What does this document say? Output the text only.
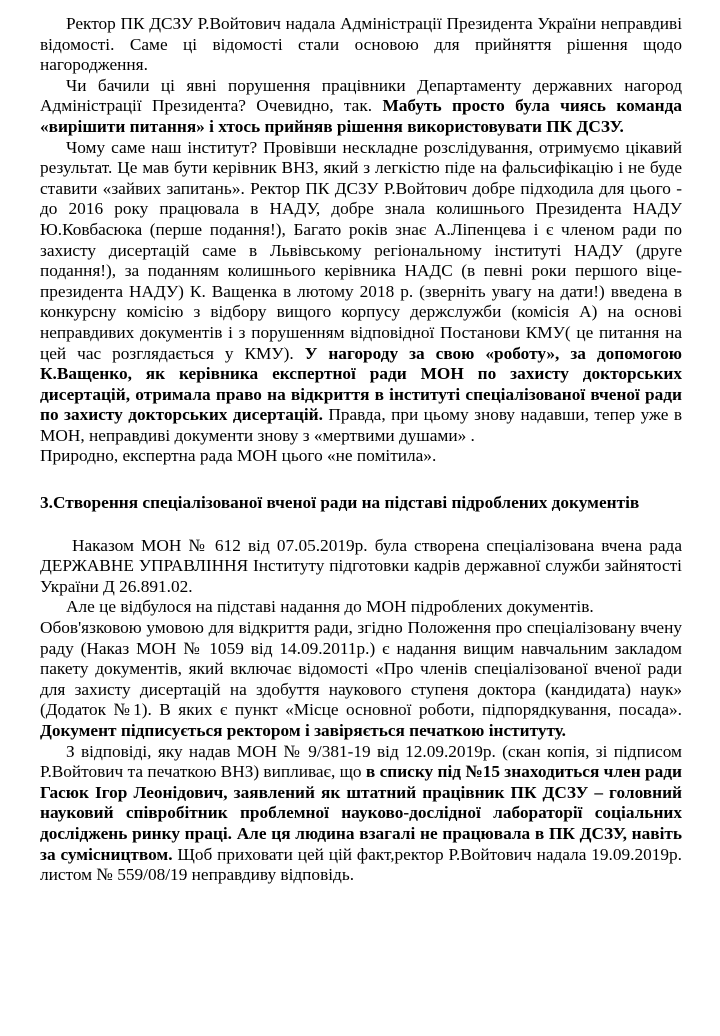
Ректор ПК ДСЗУ Р.Войтович надала Адміністрації Президента України неправдиві відомості. Саме ці відомості стали основою для прийняття рішення щодо нагородження.

Чи бачили ці явні порушення працівники Департаменту державних нагород Адміністрації Президента? Очевидно, так. Мабуть просто була чиясь команда «вирішити питання» і хтось прийняв рішення використовувати ПК ДСЗУ.

Чому саме наш інститут? Провівши нескладне розслідування, отримуємо цікавий результат. Це мав бути керівник ВНЗ, який з легкістю піде на фальсифікацію і не буде ставити «зайвих запитань». Ректор ПК ДСЗУ Р.Войтович добре підходила для цього - до 2016 року працювала в НАДУ, добре знала колишнього Президента НАДУ Ю.Ковбасюка (перше подання!), Багато років знає А.Ліпенцева і є членом ради по захисту дисертацій саме в Львівському регіональному інституті НАДУ (друге подання!), за поданням колишнього керівника НАДС (в певні роки першого віце-президента НАДУ) К. Ващенка в лютому 2018 р. (зверніть увагу на дати!) введена в конкурсну комісію з відбору вищого корпусу держслужби (комісія А) на основі неправдивих документів і з порушенням відповідної Постанови КМУ( це питання на цей час розглядається у КМУ). У нагороду за свою «роботу», за допомогою К.Ващенко, як керівника експертної ради МОН по захисту докторських дисертацій, отримала право на відкриття в інституті спеціалізованої вченої ради по захисту докторських дисертацій. Правда, при цьому знову надавши, тепер уже в МОН, неправдиві документи знову з «мертвими душами» .

Природно, експертна рада МОН цього «не помітила».

3.Створення спеціалізованої вченої ради на підставі підроблених документів

Наказом МОН № 612 від 07.05.2019р. була створена спеціалізована вчена рада ДЕРЖАВНЕ УПРАВЛІННЯ Інституту підготовки кадрів державної служби зайнятості України Д 26.891.02.

Але це відбулося на підставі надання до МОН підроблених документів.

Обов'язковою умовою для відкриття ради, згідно Положення про спеціалізовану вчену раду (Наказ МОН № 1059 від 14.09.2011р.) є надання вищим навчальним закладом пакету документів, який включає відомості «Про членів спеціалізованої вченої ради для захисту дисертацій на здобуття наукового ступеня доктора (кандидата) наук» (Додаток №1). В яких є пункт «Місце основної роботи, підпорядкування, посада». Документ підписується ректором і завіряється печаткою інституту.

З відповіді, яку надав МОН № 9/381-19 від 12.09.2019р. (скан копія, зі підписом Р.Войтович та печаткою ВНЗ) випливає, що в списку під №15 знаходиться член ради Гасюк Ігор Леонідович, заявлений як штатний працівник ПК ДСЗУ – головний науковий співробітник проблемної науково-дослідної лабораторії соціальних досліджень ринку праці. Але ця людина взагалі не працювала в ПК ДСЗУ, навіть за сумісництвом. Щоб приховати цей цій факт,ректор Р.Войтович надала 19.09.2019р. листом № 559/08/19 неправдиву відповідь.
